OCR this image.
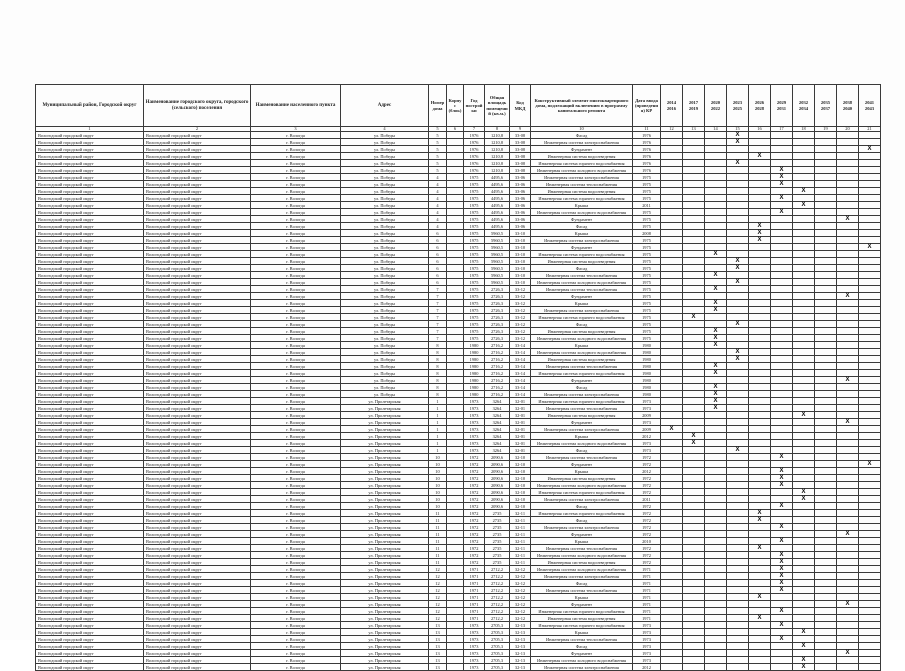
Муниципальный район, Городской округ	Наименование городского округа, городского (сельского) поселения	Наименование населенного пункта	Адрес	Номер дома	Корпус (блок)	Год постройки	Общая площадь помещений (кв.м.)	Код МКД	Конструктивный элемент многоквартирного дома, подлежащий включению в программу капитального ремонта	Дата ввода (проведения) КР	2014 2016	2017 2019	2020 2022	2023 2025	2026 2028	2029 2031	2032 2034	2035 2037	2038 2040	2041 2043
1	2	3	4	5	6	7	8	9	10	11	12	13	14	15	16	17	18	19	20	21
Вологодский городской округ	Вологодский городской округ	г. Вологда	ул. Победы	5		1976	1210,8	33-08	Фасад	1976				X						
Вологодский городской округ	Вологодский городской округ	г. Вологда	ул. Победы	5		1976	1210,8	33-08	Инженерная система электроснабжения	1976				X						
Вологодский городской округ	Вологодский городской округ	г. Вологда	ул. Победы	5		1976	1210,8	33-08	Фундамент	1976										X
Вологодский городской округ	Вологодский городской округ	г. Вологда	ул. Победы	5		1976	1210,8	33-08	Инженерная система водоотведения	1976					X					
Вологодский городской округ	Вологодский городской округ	г. Вологда	ул. Победы	5		1976	1210,8	33-08	Инженерная система горячего водоснабжения	1976				X						
Вологодский городской округ	Вологодский городской округ	г. Вологда	ул. Победы	5		1976	1210,8	33-08	Инженерная система холодного водоснабжения	1976						X				
Вологодский городской округ	Вологодский городской округ	г. Вологда	ул. Победы	4		1975	4495,6	33-06	Инженерная система электроснабжения	1975						X				
Вологодский городской округ	Вологодский городской округ	г. Вологда	ул. Победы	4		1975	4495,6	33-06	Инженерная система теплоснабжения	1975						X				
Вологодский городской округ	Вологодский городской округ	г. Вологда	ул. Победы	4		1975	4495,6	33-06	Инженерная система водоотведения	1975							X			
Вологодский городской округ	Вологодский городской округ	г. Вологда	ул. Победы	4		1975	4495,6	33-06	Инженерная система горячего водоснабжения	1975						X				
Вологодский городской округ	Вологодский городской округ	г. Вологда	ул. Победы	4		1975	4495,6	33-06	Крыша	2011							X			
Вологодский городской округ	Вологодский городской округ	г. Вологда	ул. Победы	4		1975	4495,6	33-06	Инженерная система холодного водоснабжения	1975						X				
Вологодский городской округ	Вологодский городской округ	г. Вологда	ул. Победы	4		1975	4495,6	33-06	Фундамент	1975									X	
Вологодский городской округ	Вологодский городской округ	г. Вологда	ул. Победы	4		1975	4495,6	33-06	Фасад	1975					X					
Вологодский городской округ	Вологодский городской округ	г. Вологда	ул. Победы	6		1975	5960,5	33-10	Крыша	2008					X					
Вологодский городской округ	Вологодский городской округ	г. Вологда	ул. Победы	6		1975	5960,5	33-10	Инженерная система электроснабжения	1975					X					
Вологодский городской округ	Вологодский городской округ	г. Вологда	ул. Победы	6		1975	5960,5	33-10	Фундамент	1975										X
Вологодский городской округ	Вологодский городской округ	г. Вологда	ул. Победы	6		1975	5960,5	33-10	Инженерная система горячего водоснабжения	1975			X							
Вологодский городской округ	Вологодский городской округ	г. Вологда	ул. Победы	6		1975	5960,5	33-10	Инженерная система водоотведения	1975				X						
Вологодский городской округ	Вологодский городской округ	г. Вологда	ул. Победы	6		1975	5960,5	33-10	Фасад	1975				X						
Вологодский городской округ	Вологодский городской округ	г. Вологда	ул. Победы	6		1975	5960,5	33-10	Инженерная система теплоснабжения	1975			X							
Вологодский городской округ	Вологодский городской округ	г. Вологда	ул. Победы	6		1975	5960,5	33-10	Инженерная система холодного водоснабжения	1975				X						
Вологодский городской округ	Вологодский городской округ	г. Вологда	ул. Победы	7		1975	2726,3	33-12	Инженерная система теплоснабжения	1975			X							
Вологодский городской округ	Вологодский городской округ	г. Вологда	ул. Победы	7		1975	2726,3	33-12	Фундамент	1975									X	
Вологодский городской округ	Вологодский городской округ	г. Вологда	ул. Победы	7		1975	2726,3	33-12	Крыша	1975			X							
Вологодский городской округ	Вологодский городской округ	г. Вологда	ул. Победы	7		1975	2726,3	33-12	Инженерная система электроснабжения	1975			X							
Вологодский городской округ	Вологодский городской округ	г. Вологда	ул. Победы	7		1975	2726,3	33-12	Инженерная система горячего водоснабжения	1975		X								
Вологодский городской округ	Вологодский городской округ	г. Вологда	ул. Победы	7		1975	2726,3	33-12	Фасад	1975				X						
Вологодский городской округ	Вологодский городской округ	г. Вологда	ул. Победы	7		1975	2726,3	33-12	Инженерная система водоотведения	1975			X							
Вологодский городской округ	Вологодский городской округ	г. Вологда	ул. Победы	7		1975	2726,3	33-12	Инженерная система холодного водоснабжения	1975			X							
Вологодский городской округ	Вологодский городской округ	г. Вологда	ул. Победы	8		1980	2716,2	33-14	Крыша	1980			X							
Вологодский городской округ	Вологодский городской округ	г. Вологда	ул. Победы	8		1980	2716,2	33-14	Инженерная система холодного водоснабжения	1980				X						
Вологодский городской округ	Вологодский городской округ	г. Вологда	ул. Победы	8		1980	2716,2	33-14	Инженерная система водоотведения	1980				X						
Вологодский городской округ	Вологодский городской округ	г. Вологда	ул. Победы	8		1980	2716,2	33-14	Инженерная система теплоснабжения	1980			X							
Вологодский городской округ	Вологодский городской округ	г. Вологда	ул. Победы	8		1980	2716,2	33-14	Инженерная система горячего водоснабжения	1980			X							
Вологодский городской округ	Вологодский городской округ	г. Вологда	ул. Победы	8		1980	2716,2	33-14	Фундамент	1980									X	
Вологодский городской округ	Вологодский городской округ	г. Вологда	ул. Победы	8		1980	2716,2	33-14	Фасад	1980			X							
Вологодский городской округ	Вологодский городской округ	г. Вологда	ул. Победы	8		1980	2716,2	33-14	Инженерная система электроснабжения	1980			X							
Вологодский городской округ	Вологодский городской округ	г. Вологда	ул. Пролетарская	1		1973	3264	32-01	Инженерная система горячего водоснабжения	1973			X							
Вологодский городской округ	Вологодский городской округ	г. Вологда	ул. Пролетарская	1		1973	3264	32-01	Инженерная система теплоснабжения	1973			X							
Вологодский городской округ	Вологодский городской округ	г. Вологда	ул. Пролетарская	1		1973	3264	32-01	Инженерная система водоотведения	2009							X			
Вологодский городской округ	Вологодский городской округ	г. Вологда	ул. Пролетарская	1		1973	3264	32-01	Фундамент	1973									X	
Вологодский городской округ	Вологодский городской округ	г. Вологда	ул. Пролетарская	1		1973	3264	32-01	Инженерная система электроснабжения	2009	X									
Вологодский городской округ	Вологодский городской округ	г. Вологда	ул. Пролетарская	1		1973	3264	32-01	Крыша	2012		X								
Вологодский городской округ	Вологодский городской округ	г. Вологда	ул. Пролетарская	1		1973	3264	32-01	Инженерная система холодного водоснабжения	1973		X								
Вологодский городской округ	Вологодский городской округ	г. Вологда	ул. Пролетарская	1		1973	3264	32-01	Фасад	1973				X						
Вологодский городской округ	Вологодский городской округ	г. Вологда	ул. Пролетарская	10		1972	2090,6	32-10	Инженерная система теплоснабжения	1972						X				
Вологодский городской округ	Вологодский городской округ	г. Вологда	ул. Пролетарская	10		1972	2090,6	32-10	Фундамент	1972										X
Вологодский городской округ	Вологодский городской округ	г. Вологда	ул. Пролетарская	10		1972	2090,6	32-10	Крыша	2012						X				
Вологодский городской округ	Вологодский городской округ	г. Вологда	ул. Пролетарская	10		1972	2090,6	32-10	Инженерная система водоотведения	1972						X				
Вологодский городской округ	Вологодский городской округ	г. Вологда	ул. Пролетарская	10		1972	2090,6	32-10	Инженерная система холодного водоснабжения	1972						X				
Вологодский городской округ	Вологодский городской округ	г. Вологда	ул. Пролетарская	10		1972	2090,6	32-10	Инженерная система горячего водоснабжения	1972							X			
Вологодский городской округ	Вологодский городской округ	г. Вологда	ул. Пролетарская	10		1972	2090,6	32-10	Инженерная система электроснабжения	2011							X			
Вологодский городской округ	Вологодский городской округ	г. Вологда	ул. Пролетарская	10		1972	2090,6	32-10	Фасад	1972						X				
Вологодский городской округ	Вологодский городской округ	г. Вологда	ул. Пролетарская	11		1972	2735	32-11	Инженерная система горячего водоснабжения	1972					X					
Вологодский городской округ	Вологодский городской округ	г. Вологда	ул. Пролетарская	11		1972	2735	32-11	Фасад	1972					X					
Вологодский городской округ	Вологодский городской округ	г. Вологда	ул. Пролетарская	11		1972	2735	32-11	Инженерная система электроснабжения	1972						X				
Вологодский городской округ	Вологодский городской округ	г. Вологда	ул. Пролетарская	11		1972	2735	32-11	Фундамент	1972									X	
Вологодский городской округ	Вологодский городской округ	г. Вологда	ул. Пролетарская	11		1972	2735	32-11	Крыша	2010						X				
Вологодский городской округ	Вологодский городской округ	г. Вологда	ул. Пролетарская	11		1972	2735	32-11	Инженерная система теплоснабжения	1972					X					
Вологодский городской округ	Вологодский городской округ	г. Вологда	ул. Пролетарская	11		1972	2735	32-11	Инженерная система холодного водоснабжения	1972						X				
Вологодский городской округ	Вологодский городской округ	г. Вологда	ул. Пролетарская	11		1972	2735	32-11	Инженерная система водоотведения	1972						X				
Вологодский городской округ	Вологодский городской округ	г. Вологда	ул. Пролетарская	12		1971	2712,2	32-12	Инженерная система холодного водоснабжения	1971						X				
Вологодский городской округ	Вологодский городской округ	г. Вологда	ул. Пролетарская	12		1971	2712,2	32-12	Инженерная система электроснабжения	1971						X				
Вологодский городской округ	Вологодский городской округ	г. Вологда	ул. Пролетарская	12		1971	2712,2	32-12	Фасад	1971						X				
Вологодский городской округ	Вологодский городской округ	г. Вологда	ул. Пролетарская	12		1971	2712,2	32-12	Инженерная система теплоснабжения	1971						X				
Вологодский городской округ	Вологодский городской округ	г. Вологда	ул. Пролетарская	12		1971	2712,2	32-12	Крыша	1971					X					
Вологодский городской округ	Вологодский городской округ	г. Вологда	ул. Пролетарская	12		1971	2712,2	32-12	Фундамент	1971									X	
Вологодский городской округ	Вологодский городской округ	г. Вологда	ул. Пролетарская	12		1971	2712,2	32-12	Инженерная система горячего водоснабжения	1971						X				
Вологодский городской округ	Вологодский городской округ	г. Вологда	ул. Пролетарская	12		1971	2712,2	32-12	Инженерная система водоотведения	1971					X					
Вологодский городской округ	Вологодский городской округ	г. Вологда	ул. Пролетарская	13		1973	2705,3	32-13	Инженерная система горячего водоснабжения	1973						X				
Вологодский городской округ	Вологодский городской округ	г. Вологда	ул. Пролетарская	13		1973	2705,3	32-13	Крыша	1973							X			
Вологодский городской округ	Вологодский городской округ	г. Вологда	ул. Пролетарская	13		1973	2705,3	32-13	Инженерная система теплоснабжения	1973						X				
Вологодский городской округ	Вологодский городской округ	г. Вологда	ул. Пролетарская	13		1973	2705,3	32-13	Фасад	1973							X			
Вологодский городской округ	Вологодский городской округ	г. Вологда	ул. Пролетарская	13		1973	2705,3	32-13	Фундамент	1973									X	
Вологодский городской округ	Вологодский городской округ	г. Вологда	ул. Пролетарская	13		1973	2705,3	32-13	Инженерная система холодного водоснабжения	1973							X			
Вологодский городской округ	Вологодский городской округ	г. Вологда	ул. Пролетарская	13		1973	2705,3	32-13	Инженерная система электроснабжения	2012							X			
